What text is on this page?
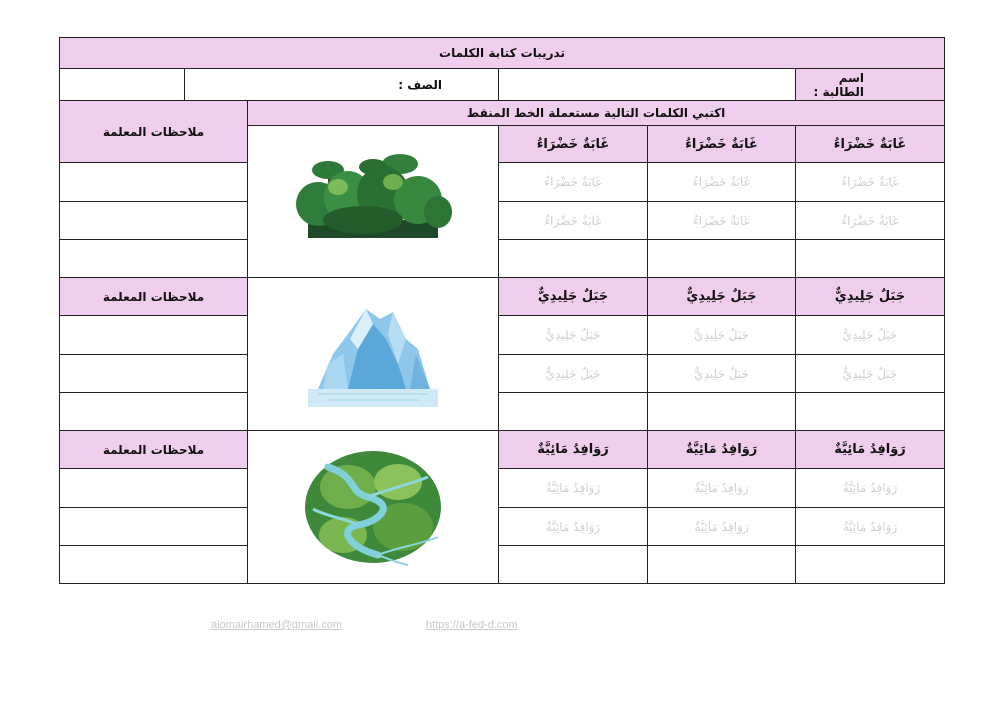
تدريبات كتابة الكلمات					
	الصف :				اسم الطالبة :
ملاحظات المعلمة		اكتبي الكلمات التالية مستعملة الخط المنقط			

	غَابَةٌ خَضْرَاءُ	غَابَةٌ خَضْرَاءُ	غَابَةٌ خَضْرَاءُ
			غَابَةٌ خَضْرَاءُ	غَابَةٌ خَضْرَاءُ	غَابَةٌ خَضْرَاءُ
			غَابَةٌ خَضْرَاءُ	غَابَةٌ خَضْرَاءُ	غَابَةٌ خَضْرَاءُ

ملاحظات المعلمة			جَبَلٌ جَلِيدِيٌّ	جَبَلٌ جَلِيدِيٌّ	جَبَلٌ جَلِيدِيٌّ
			جَبَلٌ جَلِيدِيٌّ	جَبَلٌ جَلِيدِيٌّ	جَبَلٌ جَلِيدِيٌّ
			جَبَلٌ جَلِيدِيٌّ	جَبَلٌ جَلِيدِيٌّ	جَبَلٌ جَلِيدِيٌّ

ملاحظات المعلمة			رَوَافِدُ مَائِيَّةٌ	رَوَافِدُ مَائِيَّةٌ	رَوَافِدُ مَائِيَّةٌ
			رَوَافِدُ مَائِيَّةٌ	رَوَافِدُ مَائِيَّةٌ	رَوَافِدُ مَائِيَّةٌ
			رَوَافِدُ مَائِيَّةٌ	رَوَافِدُ مَائِيَّةٌ	رَوَافِدُ مَائِيَّةٌ

alomairhamed@gmail.com	https://a-fed-d.com
